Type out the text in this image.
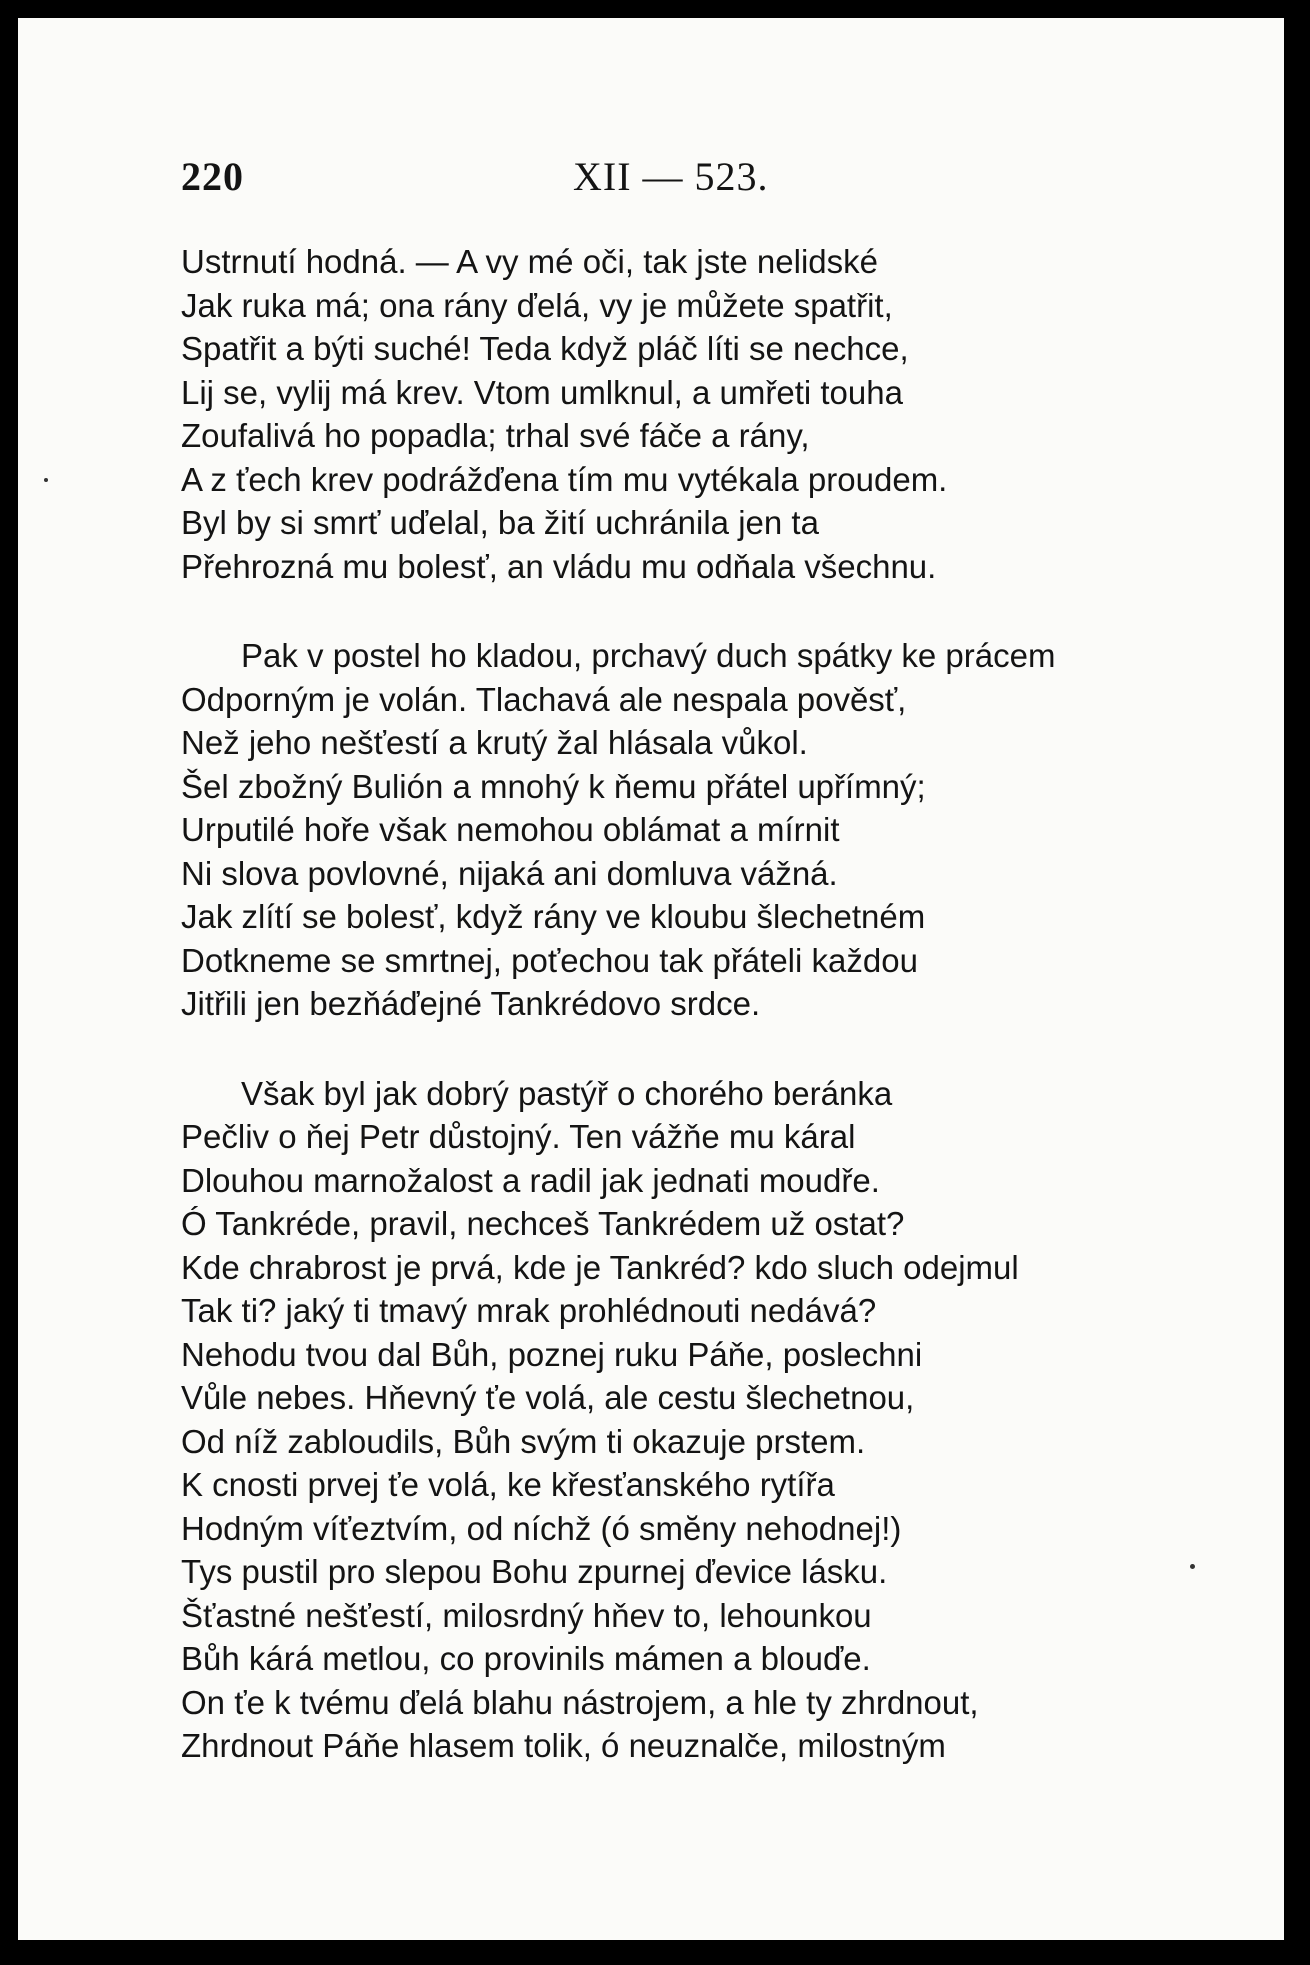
220	XII — 523.
Ustrnutí hodná. — A vy mé oči, tak jste nelidské
Jak ruka má; ona rány ďelá, vy je můžete spatřit,
Spatřit a býti suché! Teda když pláč líti se nechce,
Lij se, vylij má krev. Vtom umlknul, a umřeti touha
Zoufalivá ho popadla; trhal své fáče a rány,
A z ťech krev podrážďena tím mu vytékala proudem.
Byl by si smrť uďelal, ba žití uchránila jen ta
Přehrozná mu bolesť, an vládu mu odňala všechnu.
Pak v postel ho kladou, prchavý duch spátky ke prácem
Odporným je volán. Tlachavá ale nespala pověsť,
Než jeho nešťestí a krutý žal hlásala vůkol.
Šel zbožný Bulión a mnohý k ňemu přátel upřímný;
Urputilé hoře však nemohou oblámat a mírnit
Ni slova povlovné, nijaká ani domluva vážná.
Jak zlítí se bolesť, když rány ve kloubu šlechetném
Dotkneme se smrtnej, poťechou tak přáteli každou
Jitřili jen bezňáďejné Tankrédovo srdce.
Však byl jak dobrý pastýř o chorého beránka
Pečliv o ňej Petr důstojný. Ten vážňe mu káral
Dlouhou marnožalost a radil jak jednati moudře.
Ó Tankréde, pravil, nechceš Tankrédem už ostat?
Kde chrabrost je prvá, kde je Tankréd? kdo sluch odejmul
Tak ti? jaký ti tmavý mrak prohlédnouti nedává?
Nehodu tvou dal Bůh, poznej ruku Páňe, poslechni
Vůle nebes. Hňevný ťe volá, ale cestu šlechetnou,
Od níž zabloudils, Bůh svým ti okazuje prstem.
K cnosti prvej ťe volá, ke křesťanského rytířa
Hodným víťeztvím, od níchž (ó smĕny nehodnej!)
Tys pustil pro slepou Bohu zpurnej ďevice lásku.
Šťastné nešťestí, milosrdný hňev to, lehounkou
Bůh kárá metlou, co provinils mámen a blouďe.
On ťe k tvému ďelá blahu nástrojem, a hle ty zhrdnout,
Zhrdnout Páňe hlasem tolik, ó neuznalče, milostným
